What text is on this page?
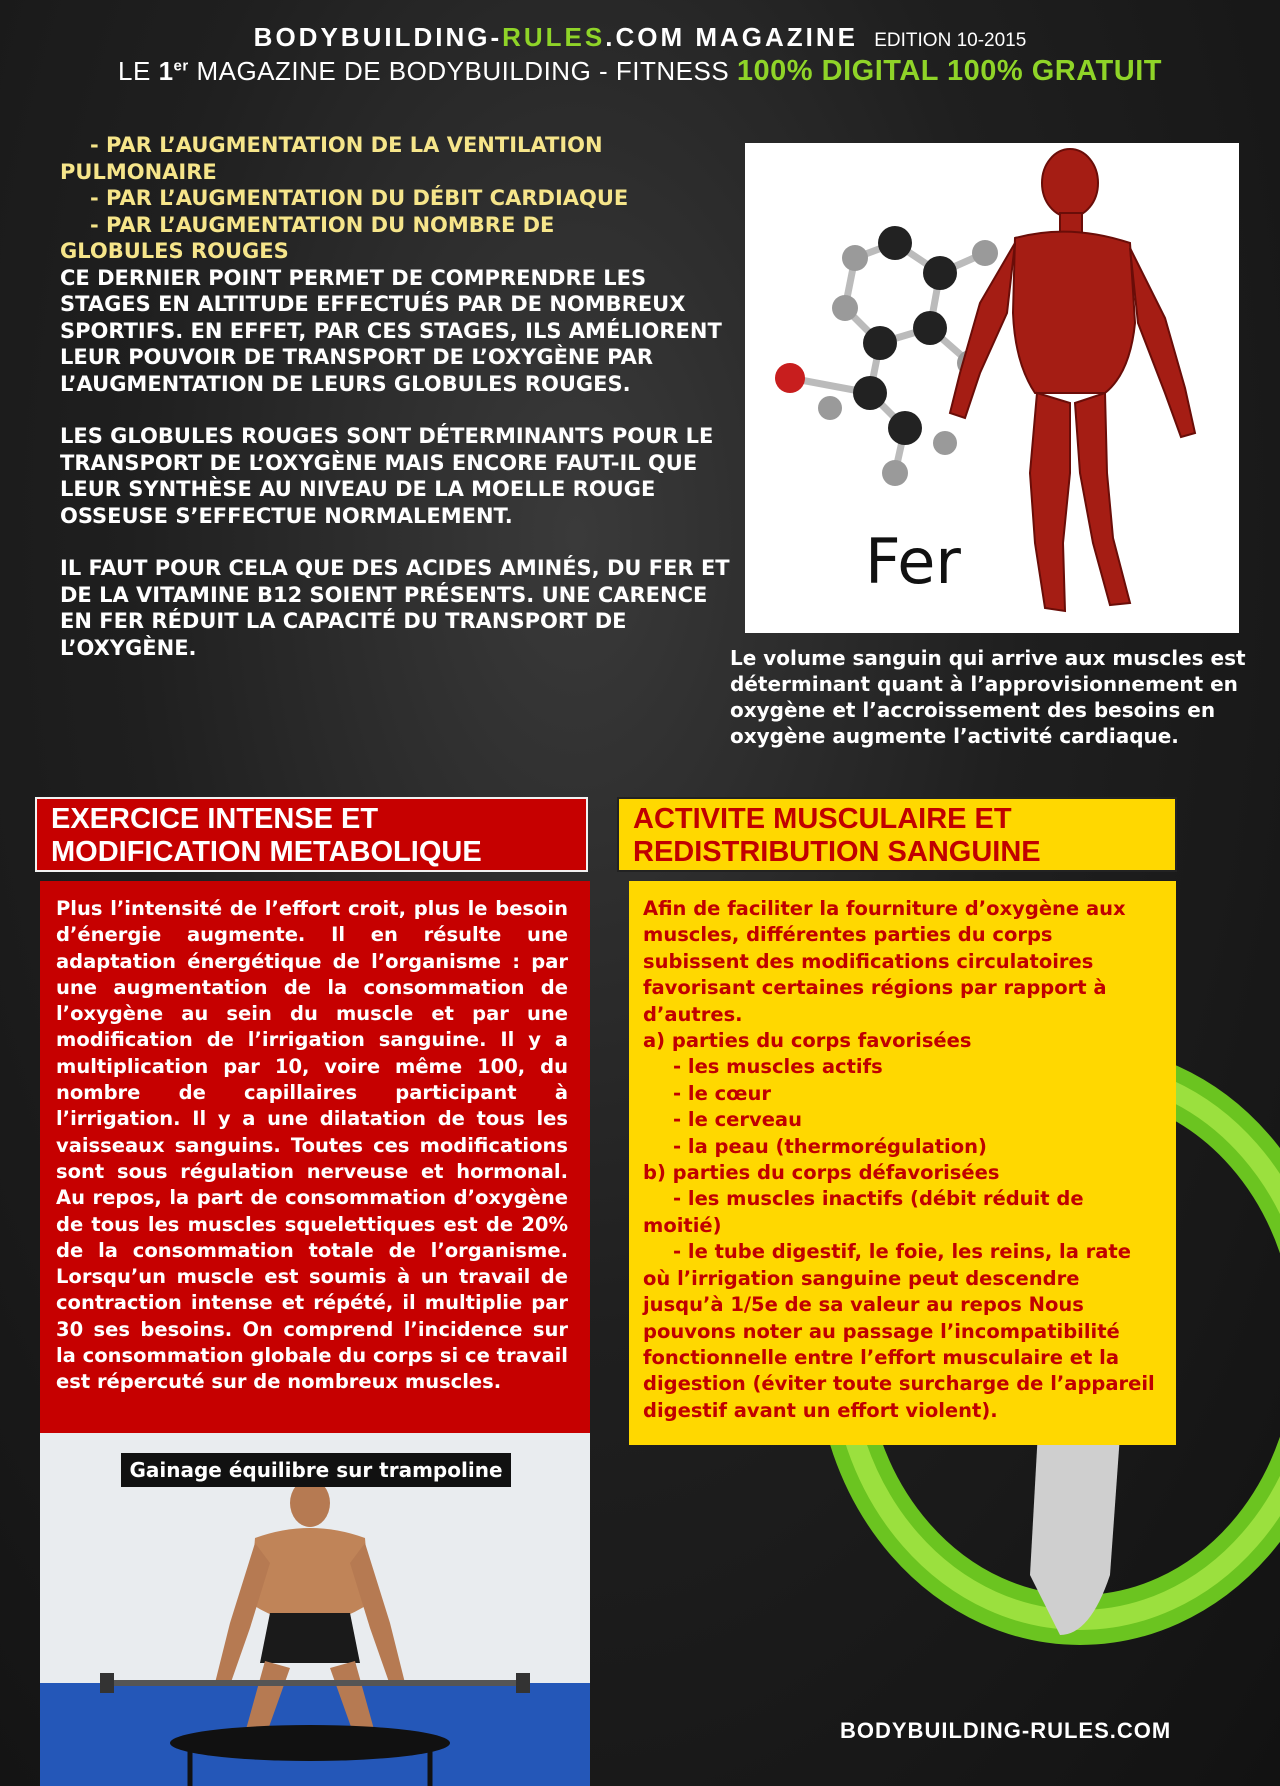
BODYBUILDING-RULES.COM MAGAZINE EDITION 10-2015
LE 1er MAGAZINE DE BODYBUILDING - FITNESS 100% DIGITAL 100% GRATUIT

- PAR L’AUGMENTATION DE LA VENTILATION

PULMONAIRE

- PAR L’AUGMENTATION DU DÉBIT CARDIAQUE

- PAR L’AUGMENTATION DU NOMBRE DE

GLOBULES ROUGES

CE DERNIER POINT PERMET DE COMPRENDRE LES STAGES EN ALTITUDE EFFECTUÉS PAR DE NOMBREUX SPORTIFS. EN EFFET, PAR CES STAGES, ILS AMÉLIORENT LEUR POUVOIR DE TRANSPORT DE L’OXYGÈNE PAR L’AUGMENTATION DE LEURS GLOBULES ROUGES.

LES GLOBULES ROUGES SONT DÉTERMINANTS POUR LE TRANSPORT DE L’OXYGÈNE MAIS ENCORE FAUT-IL QUE LEUR SYNTHÈSE AU NIVEAU DE LA MOELLE ROUGE OSSEUSE S’EFFECTUE NORMALEMENT.

IL FAUT POUR CELA QUE DES ACIDES AMINÉS, DU FER ET DE LA VITAMINE B12 SOIENT PRÉSENTS. UNE CARENCE EN FER RÉDUIT LA CAPACITÉ DU TRANSPORT DE L’OXYGÈNE.

Fer
Le volume sanguin qui arrive aux muscles est déterminant quant à l’approvisionnement en oxygène et l’accroissement des besoins en oxygène augmente l’activité cardiaque.
EXERCICE INTENSE ET MODIFICATION METABOLIQUE
ACTIVITE MUSCULAIRE ET REDISTRIBUTION SANGUINE

Plus l’intensité de l’effort croit, plus le besoin d’énergie augmente. Il en résulte une adaptation énergétique de l’organisme : par une augmentation de la consommation de l’oxygène au sein du muscle et par une modification de l’irrigation sanguine. Il y a multiplication par 10, voire même 100, du nombre de capillaires participant à l’irrigation. Il y a une dilatation de tous les vaisseaux sanguins. Toutes ces modifications sont sous régulation nerveuse et hormonal. Au repos, la part de consommation d’oxygène de tous les muscles squelettiques est de 20% de la consommation totale de l’organisme. Lorsqu’un muscle est soumis à un travail de contraction intense et répété, il multiplie par 30 ses besoins. On comprend l’incidence sur la consommation globale du corps si ce travail est répercuté sur de nombreux muscles.

Afin de faciliter la fourniture d’oxygène aux muscles, différentes parties du corps subissent des modifications circulatoires favorisant certaines régions par rapport à d’autres.

a) parties du corps favorisées

- les muscles actifs

- le cœur

- le cerveau

- la peau (thermorégulation)

b) parties du corps défavorisées

- les muscles inactifs (débit réduit de

moitié)

- le tube digestif, le foie, les reins, la rate

où l’irrigation sanguine peut descendre jusqu’à 1/5e de sa valeur au repos Nous pouvons noter au passage l’incompatibilité fonctionnelle entre l’effort musculaire et la digestion (éviter toute surcharge de l’appareil digestif avant un effort violent).

Gainage équilibre sur trampoline
BODYBUILDING-RULES.COM
